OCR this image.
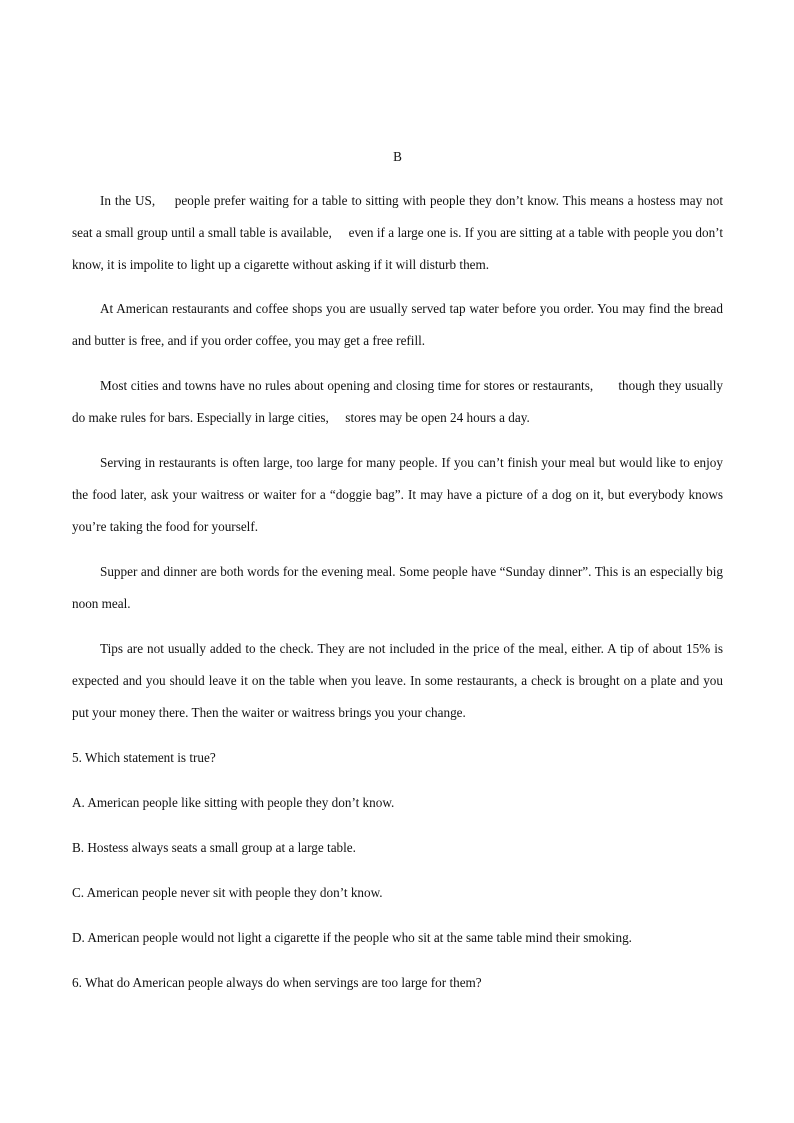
B

In the US,     people prefer waiting for a table to sitting with people they don’t know. This means a hostess may not seat a small group until a small table is available,     even if a large one is. If you are sitting at a table with people you don’t know, it is impolite to light up a cigarette without asking if it will disturb them.

At American restaurants and coffee shops you are usually served tap water before you order. You may find the bread and butter is free, and if you order coffee, you may get a free refill.

Most cities and towns have no rules about opening and closing time for stores or restaurants,       though they usually do make rules for bars. Especially in large cities,     stores may be open 24 hours a day.

Serving in restaurants is often large, too large for many people. If you can’t finish your meal but would like to enjoy the food later, ask your waitress or waiter for a “doggie bag”. It may have a picture of a dog on it, but everybody knows you’re taking the food for yourself.

Supper and dinner are both words for the evening meal. Some people have “Sunday dinner”. This is an especially big noon meal.

Tips are not usually added to the check. They are not included in the price of the meal, either. A tip of about 15% is expected and you should leave it on the table when you leave. In some restaurants, a check is brought on a plate and you put your money there. Then the waiter or waitress brings you your change.

5. Which statement is true?

A. American people like sitting with people they don’t know.

B. Hostess always seats a small group at a large table.

C. American people never sit with people they don’t know.

D. American people would not light a cigarette if the people who sit at the same table mind their smoking.

6. What do American people always do when servings are too large for them?
